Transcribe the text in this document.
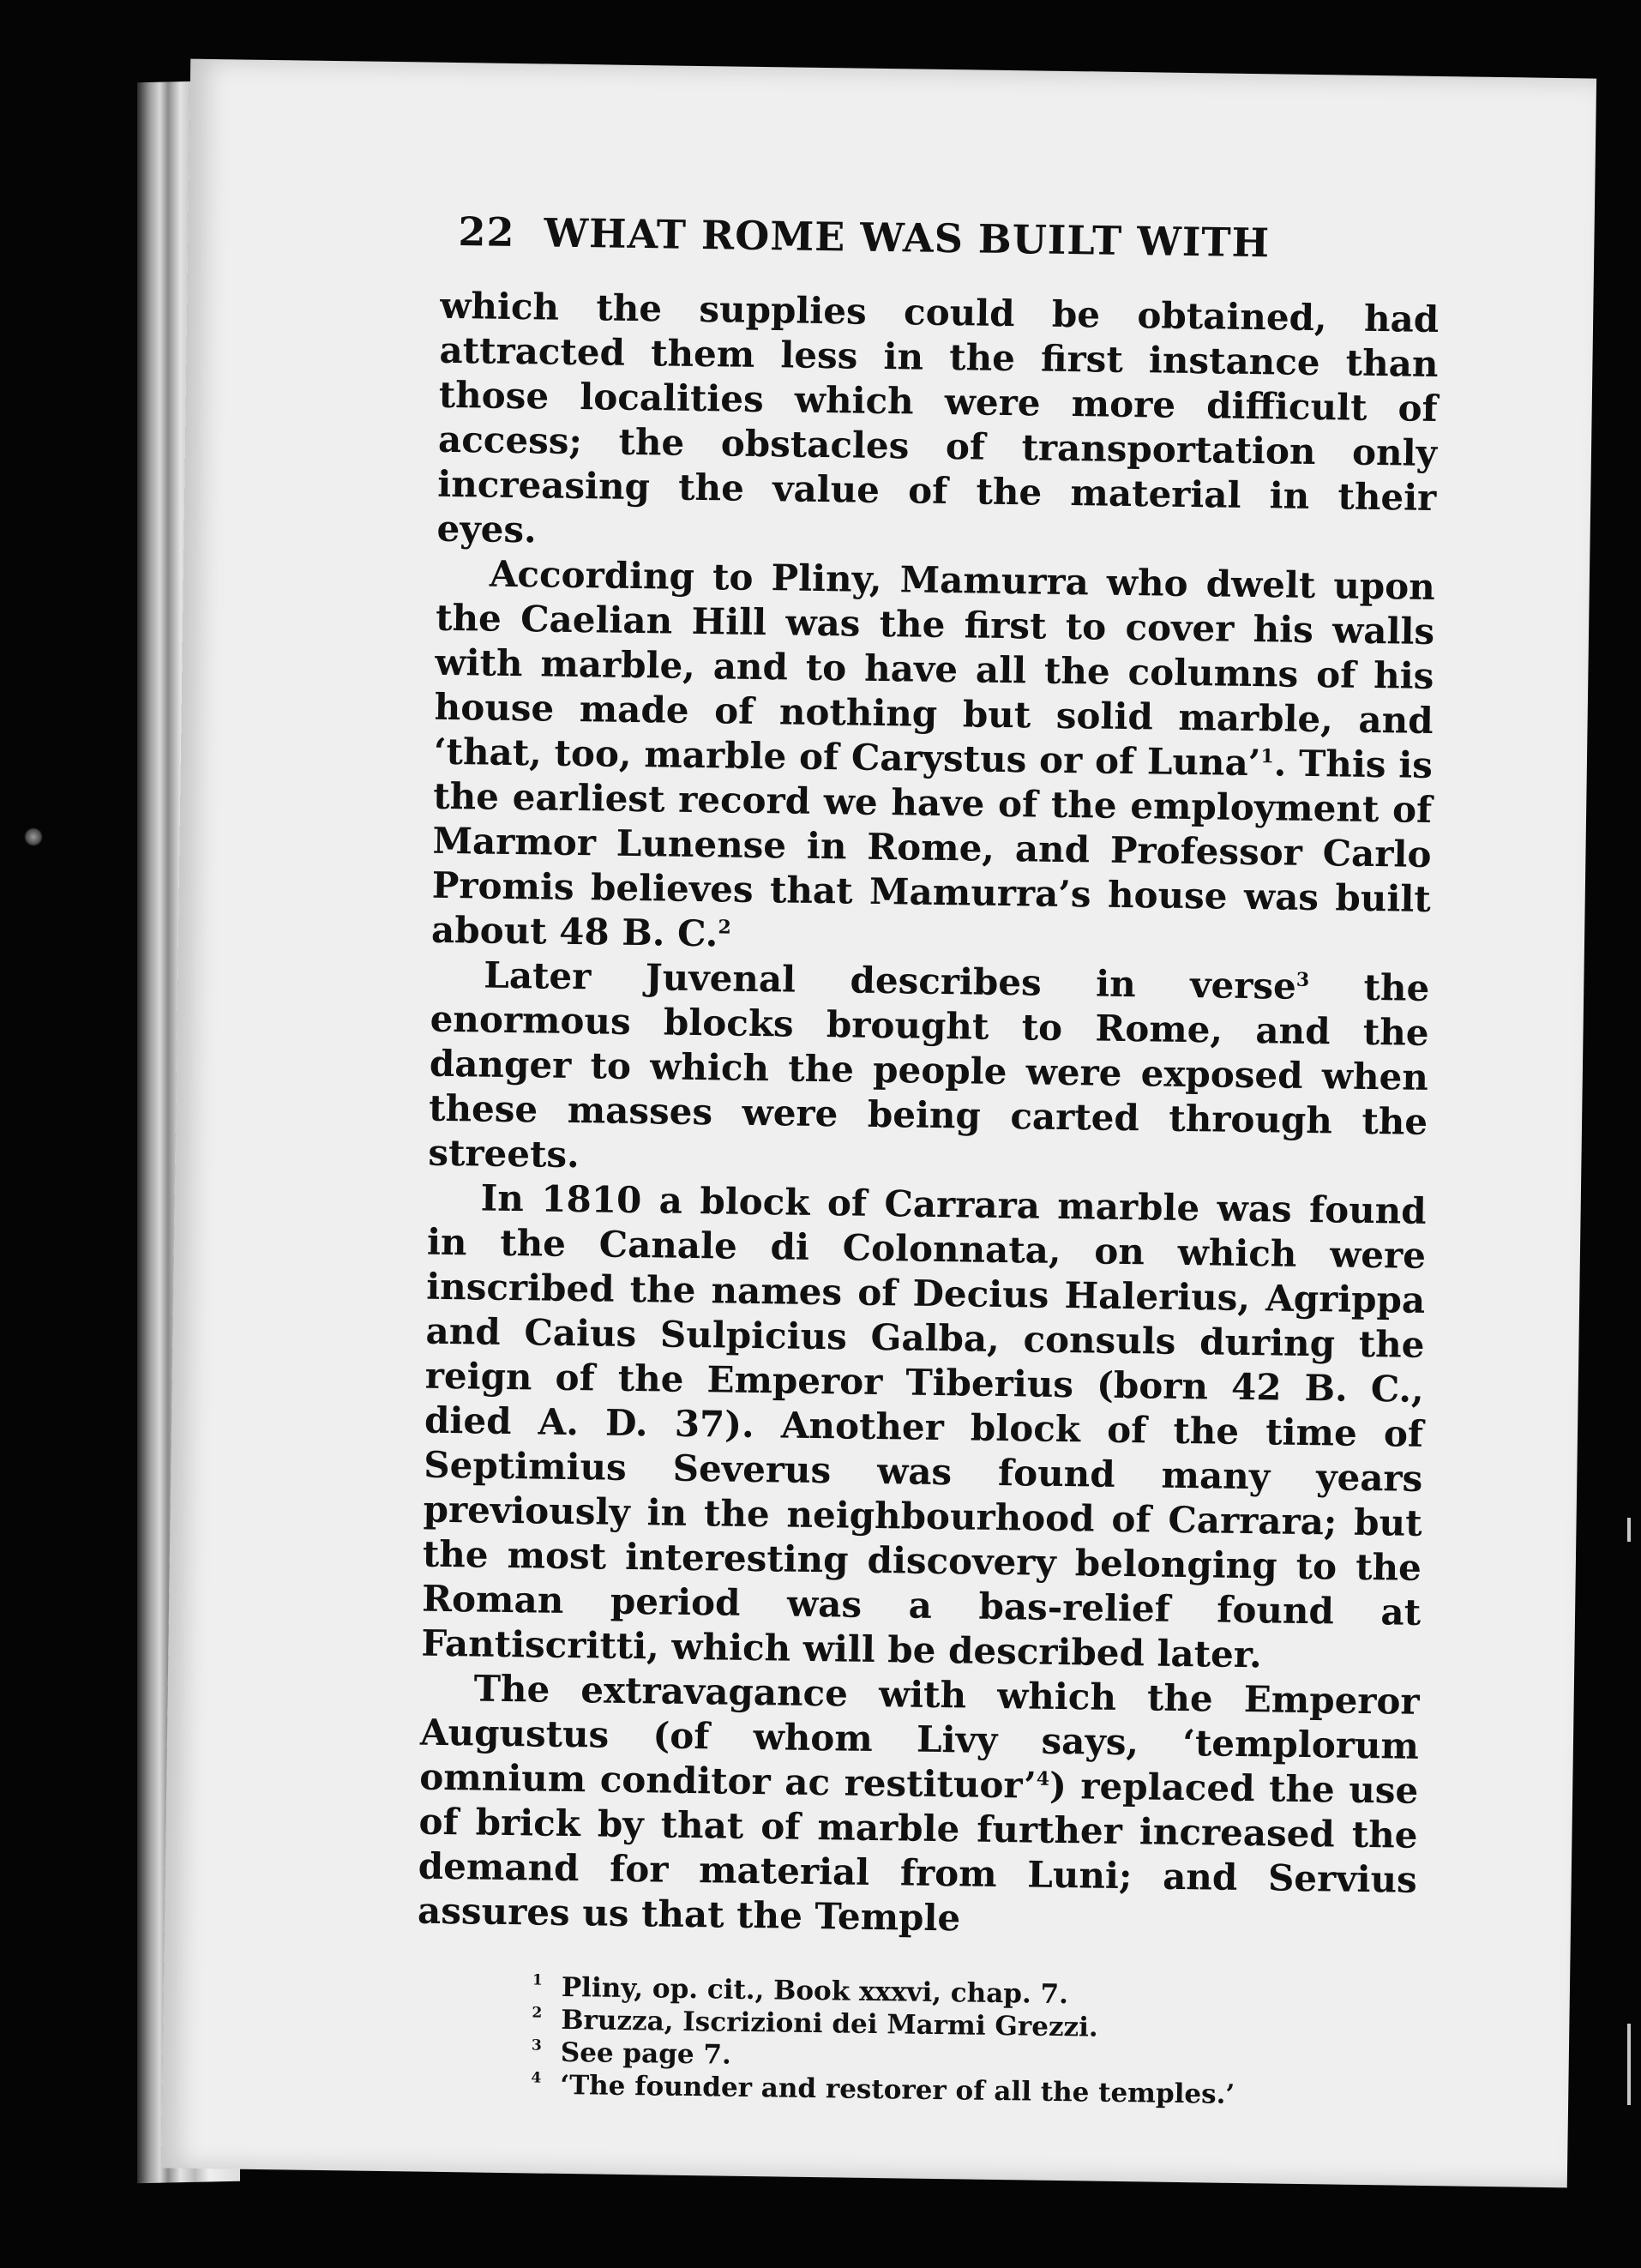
22 WHAT ROME WAS BUILT WITH

which the supplies could be obtained, had attracted them less in the first instance than those localities which were more difficult of access; the obstacles of transportation only increasing the value of the material in their eyes.

According to Pliny, Mamurra who dwelt upon the Caelian Hill was the first to cover his walls with marble, and to have all the columns of his house made of nothing but solid marble, and ‘that, too, marble of Carystus or of Luna’$^1$. This is the earliest record we have of the employment of Marmor Lunense in Rome, and Professor Carlo Promis believes that Mamurra’s house was built about 48 B. C.$^2$

Later Juvenal describes in verse$^3$ the enormous blocks brought to Rome, and the danger to which the people were exposed when these masses were being carted through the streets.

In 1810 a block of Carrara marble was found in the Canale di Colonnata, on which were inscribed the names of Decius Halerius, Agrippa and Caius Sulpicius Galba, consuls during the reign of the Emperor Tiberius (born 42 B. C., died A. D. 37). Another block of the time of Septimius Severus was found many years previously in the neighbourhood of Carrara; but the most interesting discovery belonging to the Roman period was a bas-relief found at Fantiscritti, which will be described later.

The extravagance with which the Emperor Augustus (of whom Livy says, ‘templorum omnium conditor ac restituor’$^4$) replaced the use of brick by that of marble further increased the demand for material from Luni; and Servius assures us that the Temple

1 Pliny, op. cit., Book xxxvi, chap. 7.
2 Bruzza, Iscrizioni dei Marmi Grezzi.
3 See page 7.
4 ‘The founder and restorer of all the temples.’
